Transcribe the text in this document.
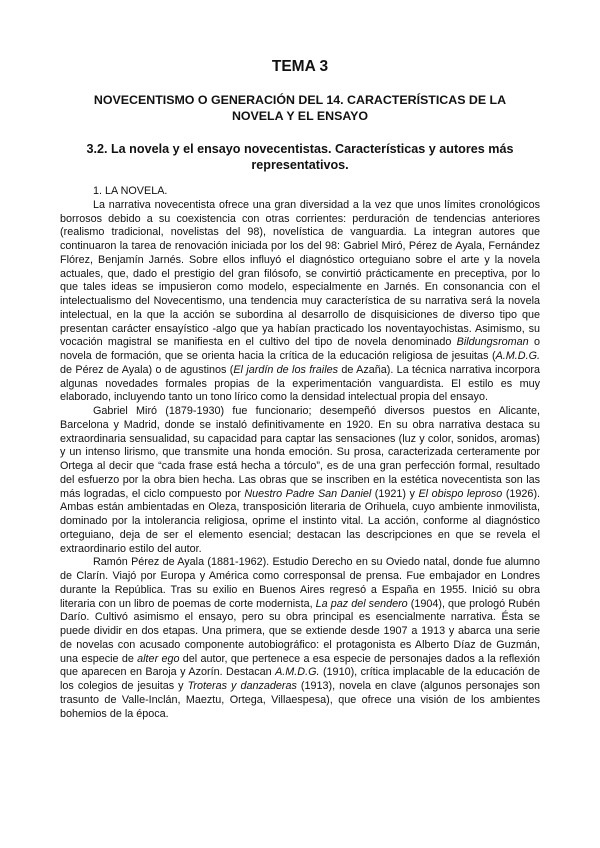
TEMA 3
NOVECENTISMO O GENERACIÓN DEL 14. CARACTERÍSTICAS DE LA NOVELA Y EL ENSAYO
3.2. La novela y el ensayo novecentistas. Características y autores más representativos.

1. LA NOVELA.

La narrativa novecentista ofrece una gran diversidad a la vez que unos límites cronológicos borrosos debido a su coexistencia con otras corrientes: perduración de tendencias anteriores (realismo tradicional, novelistas del 98), novelística de vanguardia. La integran autores que continuaron la tarea de renovación iniciada por los del 98: Gabriel Miró, Pérez de Ayala, Fernández Flórez, Benjamín Jarnés. Sobre ellos influyó el diagnóstico orteguiano sobre el arte y la novela actuales, que, dado el prestigio del gran filósofo, se convirtió prácticamente en preceptiva, por lo que tales ideas se impusieron como modelo, especialmente en Jarnés. En consonancia con el intelectualismo del Novecentismo, una tendencia muy característica de su narrativa será la novela intelectual, en la que la acción se subordina al desarrollo de disquisiciones de diverso tipo que presentan carácter ensayístico -algo que ya habían practicado los noventayochistas. Asimismo, su vocación magistral se manifiesta en el cultivo del tipo de novela denominado Bildungsroman o novela de formación, que se orienta hacia la crítica de la educación religiosa de jesuitas (A.M.D.G. de Pérez de Ayala) o de agustinos (El jardín de los frailes de Azaña). La técnica narrativa incorpora algunas novedades formales propias de la experimentación vanguardista. El estilo es muy elaborado, incluyendo tanto un tono lírico como la densidad intelectual propia del ensayo.

Gabriel Miró (1879-1930) fue funcionario; desempeñó diversos puestos en Alicante, Barcelona y Madrid, donde se instaló definitivamente en 1920. En su obra narrativa destaca su extraordinaria sensualidad, su capacidad para captar las sensaciones (luz y color, sonidos, aromas) y un intenso lirismo, que transmite una honda emoción. Su prosa, caracterizada certeramente por Ortega al decir que “cada frase está hecha a tórculo”, es de una gran perfección formal, resultado del esfuerzo por la obra bien hecha. Las obras que se inscriben en la estética novecentista son las más logradas, el ciclo compuesto por Nuestro Padre San Daniel (1921) y El obispo leproso (1926). Ambas están ambientadas en Oleza, transposición literaria de Orihuela, cuyo ambiente inmovilista, dominado por la intolerancia religiosa, oprime el instinto vital. La acción, conforme al diagnóstico orteguiano, deja de ser el elemento esencial; destacan las descripciones en que se revela el extraordinario estilo del autor.

Ramón Pérez de Ayala (1881-1962). Estudio Derecho en su Oviedo natal, donde fue alumno de Clarín. Viajó por Europa y América como corresponsal de prensa. Fue embajador en Londres durante la República. Tras su exilio en Buenos Aires regresó a España en 1955. Inició su obra literaria con un libro de poemas de corte modernista, La paz del sendero (1904), que prologó Rubén Darío. Cultivó asimismo el ensayo, pero su obra principal es esencialmente narrativa. Ésta se puede dividir en dos etapas. Una primera, que se extiende desde 1907 a 1913 y abarca una serie de novelas con acusado componente autobiográfico: el protagonista es Alberto Díaz de Guzmán, una especie de alter ego del autor, que pertenece a esa especie de personajes dados a la reflexión que aparecen en Baroja y Azorín. Destacan A.M.D.G. (1910), crítica implacable de la educación de los colegios de jesuitas y Troteras y danzaderas (1913), novela en clave (algunos personajes son trasunto de Valle-Inclán, Maeztu, Ortega, Villaespesa), que ofrece una visión de los ambientes bohemios de la época.
